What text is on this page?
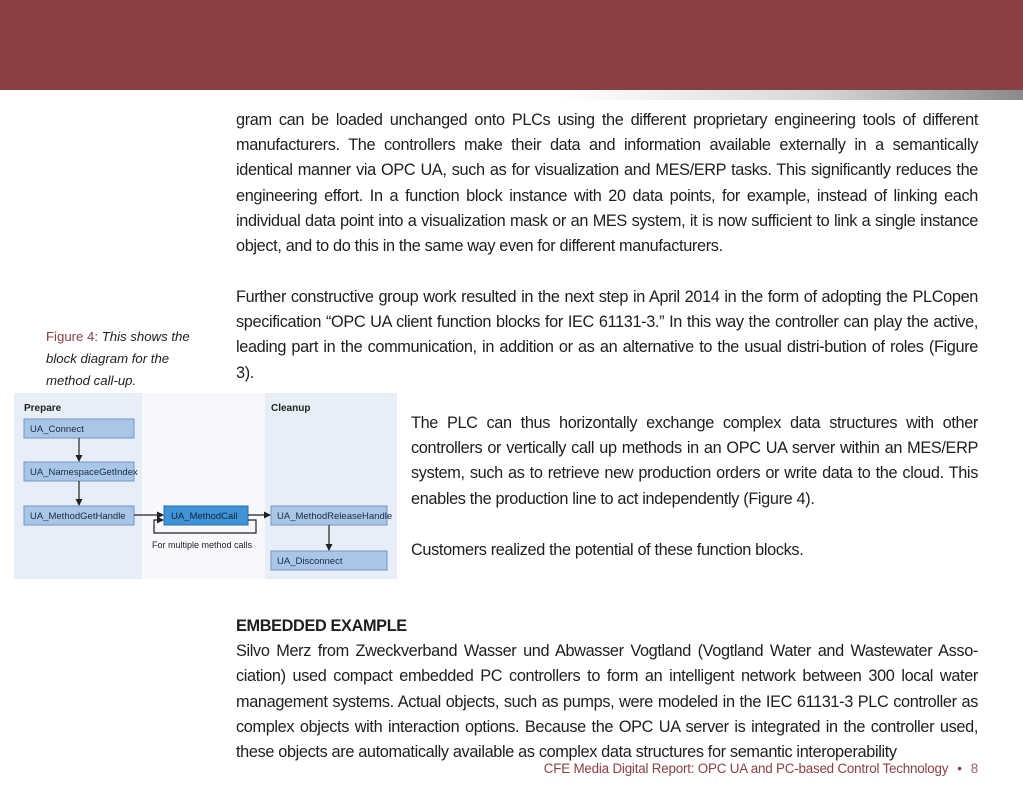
gram can be loaded unchanged onto PLCs using the different proprietary engineering tools of different manufacturers. The controllers make their data and information available externally in a semantically identical manner via OPC UA, such as for visualization and MES/ERP tasks. This significantly reduces the engineering effort. In a function block instance with 20 data points, for example, instead of linking each individual data point into a visualization mask or an MES system, it is now sufficient to link a single instance object, and to do this in the same way even for different manufacturers.

Further constructive group work resulted in the next step in April 2014 in the form of adopting the PLCopen specification “OPC UA client function blocks for IEC 61131-3.” In this way the controller can play the active, leading part in the communication, in addition or as an alternative to the usual distri-bution of roles (Figure 3).

Figure 4: This shows the block diagram for the method call-up.

Prepare	Cleanup
UA_Connect
UA_NamespaceGetIndex
UA_MethodGetHandle	UA_MethodCall	UA_MethodReleaseHandle
UA_Disconnect
For multiple method calls

The PLC can thus horizontally exchange complex data structures with other controllers or vertically call up methods in an OPC UA server within an MES/ERP system, such as to retrieve new production orders or write data to the cloud. This enables the production line to act independently (Figure 4).

Customers realized the potential of these function blocks.

EMBEDDED EXAMPLE
Silvo Merz from Zweckverband Wasser und Abwasser Vogtland (Vogtland Water and Wastewater Asso-ciation) used compact embedded PC controllers to form an intelligent network between 300 local water management systems. Actual objects, such as pumps, were modeled in the IEC 61131-3 PLC controller as complex objects with interaction options. Because the OPC UA server is integrated in the controller used, these objects are automatically available as complex data structures for semantic interoperability
CFE Media Digital Report: OPC UA and PC-based Control Technology • 8
